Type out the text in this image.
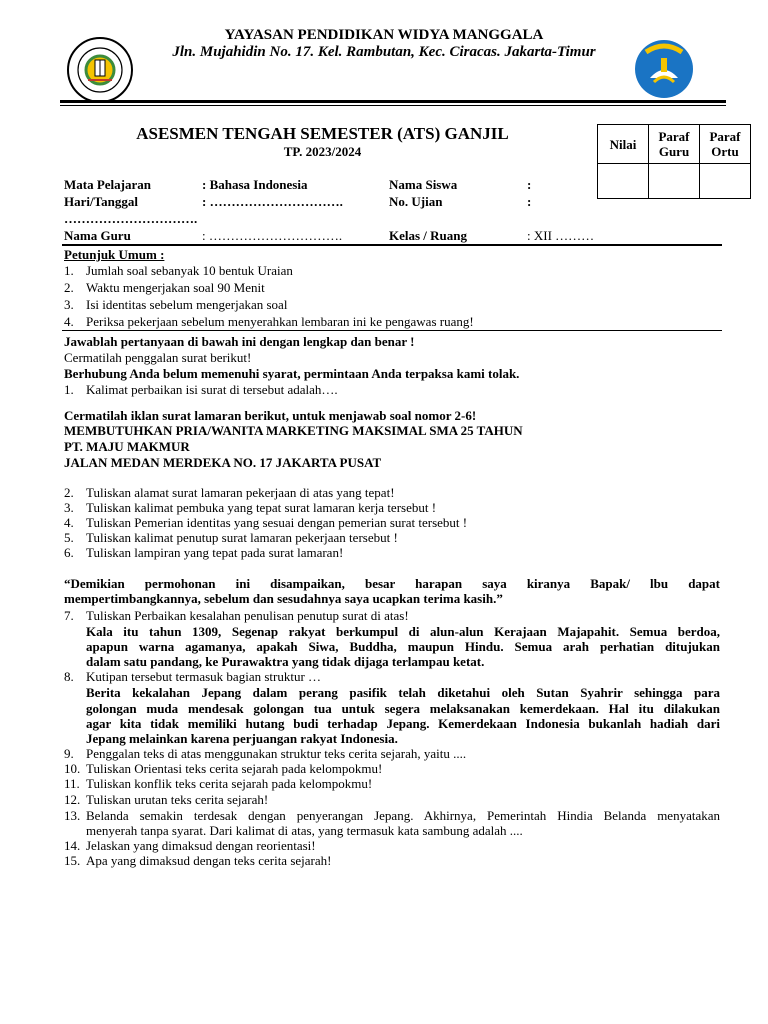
YAYASAN PENDIDIKAN WIDYA MANGGALA
Jln. Mujahidin No. 17. Kel. Rambutan, Kec. Ciracas. Jakarta-Timur
ASESMEN TENGAH SEMESTER (ATS) GANJIL
TP. 2023/2024	Nilai	Paraf Guru	Paraf Ortu

Mata Pelajaran	: Bahasa Indonesia	Nama Siswa	:
Hari/Tanggal	: ………………………….	No. Ujian	:
………………………….
Nama Guru	: ………………………….	Kelas / Ruang	: XII ………
Petunjuk Umum :
1. Jumlah soal sebanyak 10 bentuk Uraian
2. Waktu mengerjakan soal 90 Menit
3. Isi identitas sebelum mengerjakan soal
4. Periksa pekerjaan sebelum menyerahkan lembaran ini ke pengawas ruang!
Jawablah pertanyaan di bawah ini dengan lengkap dan benar !
Cermatilah penggalan surat berikut!
Berhubung Anda belum memenuhi syarat, permintaan Anda terpaksa kami tolak.
1. Kalimat perbaikan isi surat di tersebut adalah….
Cermatilah iklan surat lamaran berikut, untuk menjawab soal nomor 2-6!
MEMBUTUHKAN PRIA/WANITA MARKETING MAKSIMAL SMA 25 TAHUN
PT. MAJU MAKMUR
JALAN MEDAN MERDEKA NO. 17 JAKARTA PUSAT
2. Tuliskan alamat surat lamaran pekerjaan di atas yang tepat!
3. Tuliskan kalimat pembuka yang tepat surat lamaran kerja tersebut !
4. Tuliskan Pemerian identitas yang sesuai dengan pemerian surat tersebut !
5. Tuliskan kalimat penutup surat lamaran pekerjaan tersebut !
6. Tuliskan lampiran yang tepat pada surat lamaran!
“Demikian permohonan ini disampaikan, besar harapan saya kiranya Bapak/ lbu dapat
mempertimbangkannya, sebelum dan sesudahnya saya ucapkan terima kasih.”
7. Tuliskan Perbaikan kesalahan penulisan penutup surat di atas!
Kala itu tahun 1309, Segenap rakyat berkumpul di alun-alun Kerajaan Majapahit. Semua berdoa,
apapun warna agamanya, apakah Siwa, Buddha, maupun Hindu. Semua arah perhatian ditujukan
dalam satu pandang, ke Purawaktra yang tidak dijaga terlampau ketat.
8. Kutipan tersebut termasuk bagian struktur …
Berita kekalahan Jepang dalam perang pasifik telah diketahui oleh Sutan Syahrir sehingga para
golongan muda mendesak golongan tua untuk segera melaksanakan kemerdekaan. Hal itu dilakukan
agar kita tidak memiliki hutang budi terhadap Jepang. Kemerdekaan Indonesia bukanlah hadiah dari
Jepang melainkan karena perjuangan rakyat Indonesia.
9. Penggalan teks di atas menggunakan struktur teks cerita sejarah, yaitu ....
10. Tuliskan Orientasi teks cerita sejarah pada kelompokmu!
11. Tuliskan konflik teks cerita sejarah pada kelompokmu!
12. Tuliskan urutan teks cerita sejarah!
13. Belanda semakin terdesak dengan penyerangan Jepang. Akhirnya, Pemerintah Hindia Belanda menyatakan
menyerah tanpa syarat. Dari kalimat di atas, yang termasuk kata sambung adalah ....
14. Jelaskan yang dimaksud dengan reorientasi!
15. Apa yang dimaksud dengan teks cerita sejarah!
